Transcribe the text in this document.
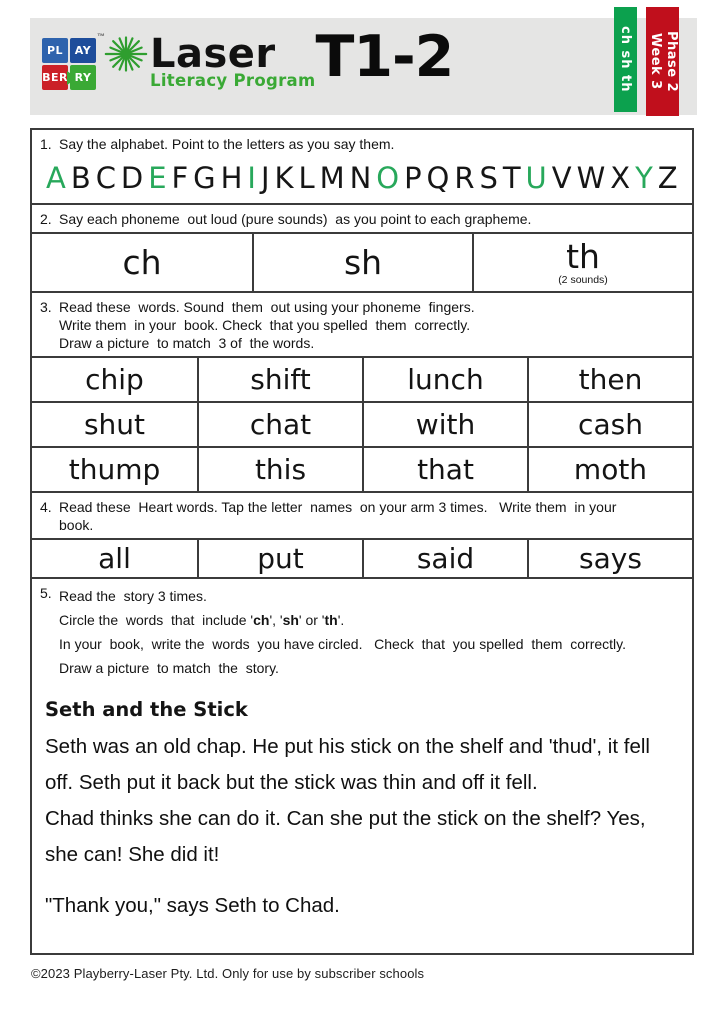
™
PL	AY
BER RY
Laser
Literacy Program T1-2	ch sh th	Phase 2
Week 3
1. Say the alphabet. Point to the letters as you say them.
A B C D E F G H I J K L M N O P Q R S T U V W X Y Z
2. Say each phoneme  out loud (pure sounds)  as you point to each grapheme.
ch	sh	th
(2 sounds)
3. Read these  words. Sound  them  out using your phoneme  fingers.
Write them  in your  book. Check  that you spelled  them  correctly.
Draw a picture  to match  3 of  the words.
chip	shift	lunch	then
shut	chat	with	cash
thump	this	that	moth
4. Read these  Heart words. Tap the letter  names  on your arm 3 times.   Write them  in your
book.
all	put	said	says
5. Read the  story 3 times.
Circle the  words  that  include 'ch', 'sh' or 'th'.
In your  book,  write the  words  you have circled.   Check  that  you spelled  them  correctly.
Draw a picture  to match  the  story.
Seth and the Stick

Seth was an old chap. He put his stick on the shelf and 'thud', it fell off. Seth put it back but the stick was thin and off it fell.

Chad thinks she can do it. Can she put the stick on the shelf? Yes, she can! She did it!

"Thank you," says Seth to Chad.

©2023 Playberry-Laser Pty. Ltd. Only for use by subscriber schools
